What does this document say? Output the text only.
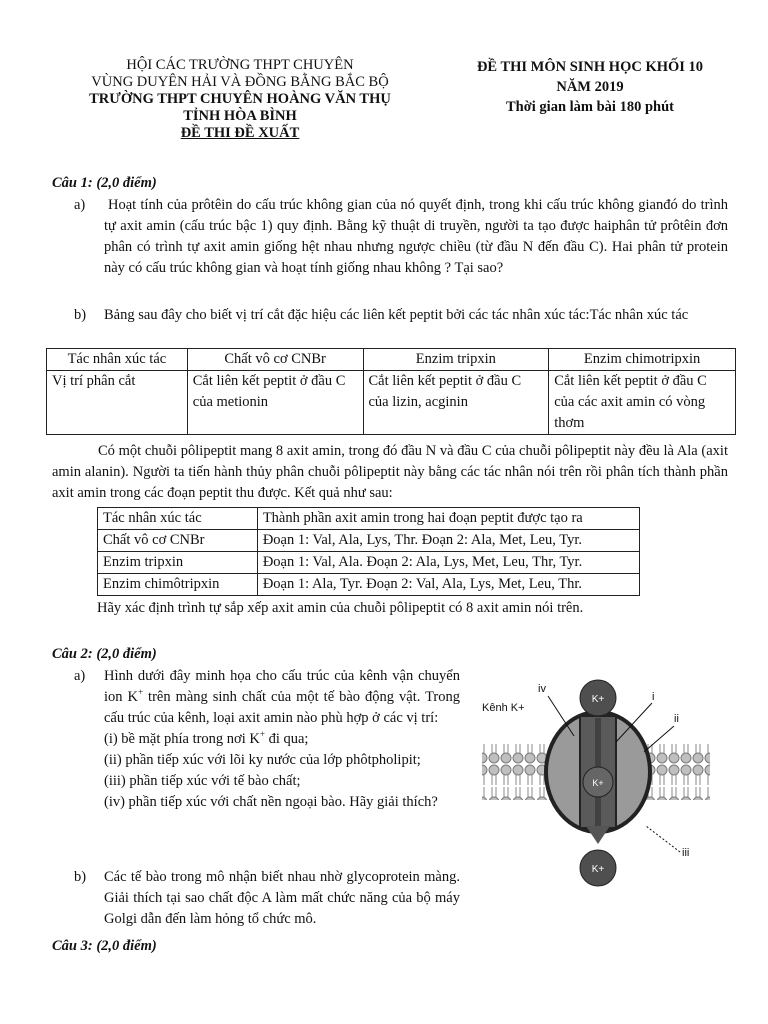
HỘI CÁC TRƯỜNG THPT CHUYÊN
VÙNG DUYÊN HẢI VÀ ĐỒNG BẰNG BẮC BỘ
TRƯỜNG THPT CHUYÊN HOÀNG VĂN THỤ
TỈNH HÒA BÌNH
ĐỀ THI ĐỀ XUẤT
ĐỀ THI MÔN SINH HỌC KHỐI 10
NĂM 2019
Thời gian làm bài 180 phút
Câu 1: (2,0 điểm)
a) Hoạt tính của prôtêin do cấu trúc không gian của nó quyết định, trong khi cấu trúc không gianđó do trình tự axit amin (cấu trúc bậc 1) quy định. Bằng kỹ thuật di truyền, người ta tạo được haiphân tử prôtêin đơn phân có trình tự axit amin giống hệt nhau nhưng ngược chiều (từ đầu N đến đầu C). Hai phân tử protein này có cấu trúc không gian và hoạt tính giống nhau không ? Tại sao?
b) Bảng sau đây cho biết vị trí cắt đặc hiệu các liên kết peptit bởi các tác nhân xúc tác:Tác nhân xúc tác
Tác nhân xúc tác	Chất vô cơ CNBr	Enzim tripxin	Enzim chimotripxin
Vị trí phân cắt	Cắt liên kết peptit ở đầu C của metionin	Cắt liên kết peptit ở đầu C của lizin, acginin	Cắt liên kết peptit ở đầu C của các axit amin có vòng thơm
Có một chuỗi pôlipeptit mang 8 axit amin, trong đó đầu N và đầu C của chuỗi pôlipeptit này đều là Ala (axit amin alanin). Người ta tiến hành thủy phân chuỗi pôlipeptit này bằng các tác nhân nói trên rồi phân tích thành phần axit amin trong các đoạn peptit thu được. Kết quả như sau:
Tác nhân xúc tác	Thành phần axit amin trong hai đoạn peptit được tạo ra
Chất vô cơ CNBr	Đoạn 1: Val, Ala, Lys, Thr. Đoạn 2: Ala, Met, Leu, Tyr.
Enzim tripxin	Đoạn 1: Val, Ala. Đoạn 2: Ala, Lys, Met, Leu, Thr, Tyr.
Enzim chimôtripxin	Đoạn 1: Ala, Tyr. Đoạn 2: Val, Ala, Lys, Met, Leu, Thr.
Hãy xác định trình tự sắp xếp axit amin của chuỗi pôlipeptit có 8 axit amin nói trên.
Câu 2: (2,0 điểm)
a) Hình dưới đây minh họa cho cấu trúc của kênh vận chuyển ion K+ trên màng sinh chất của một tế bào động vật. Trong cấu trúc của kênh, loại axit amin nào phù hợp ở các vị trí:
(i) bề mặt phía trong nơi K+ đi qua;
(ii) phần tiếp xúc với lõi ky nước của lớp phôtpholipit;
(iii) phần tiếp xúc với tế bào chất;
(iv) phần tiếp xúc với chất nền ngoại bào. Hãy giải thích?
b) Các tế bào trong mô nhận biết nhau nhờ glycoprotein màng. Giải thích tại sao chất độc A làm mất chức năng của bộ máy Golgi dẫn đến làm hỏng tổ chức mô.
K+
K+
K+
Kênh K+
iv
i
ii
iii
Câu 3: (2,0 điểm)
